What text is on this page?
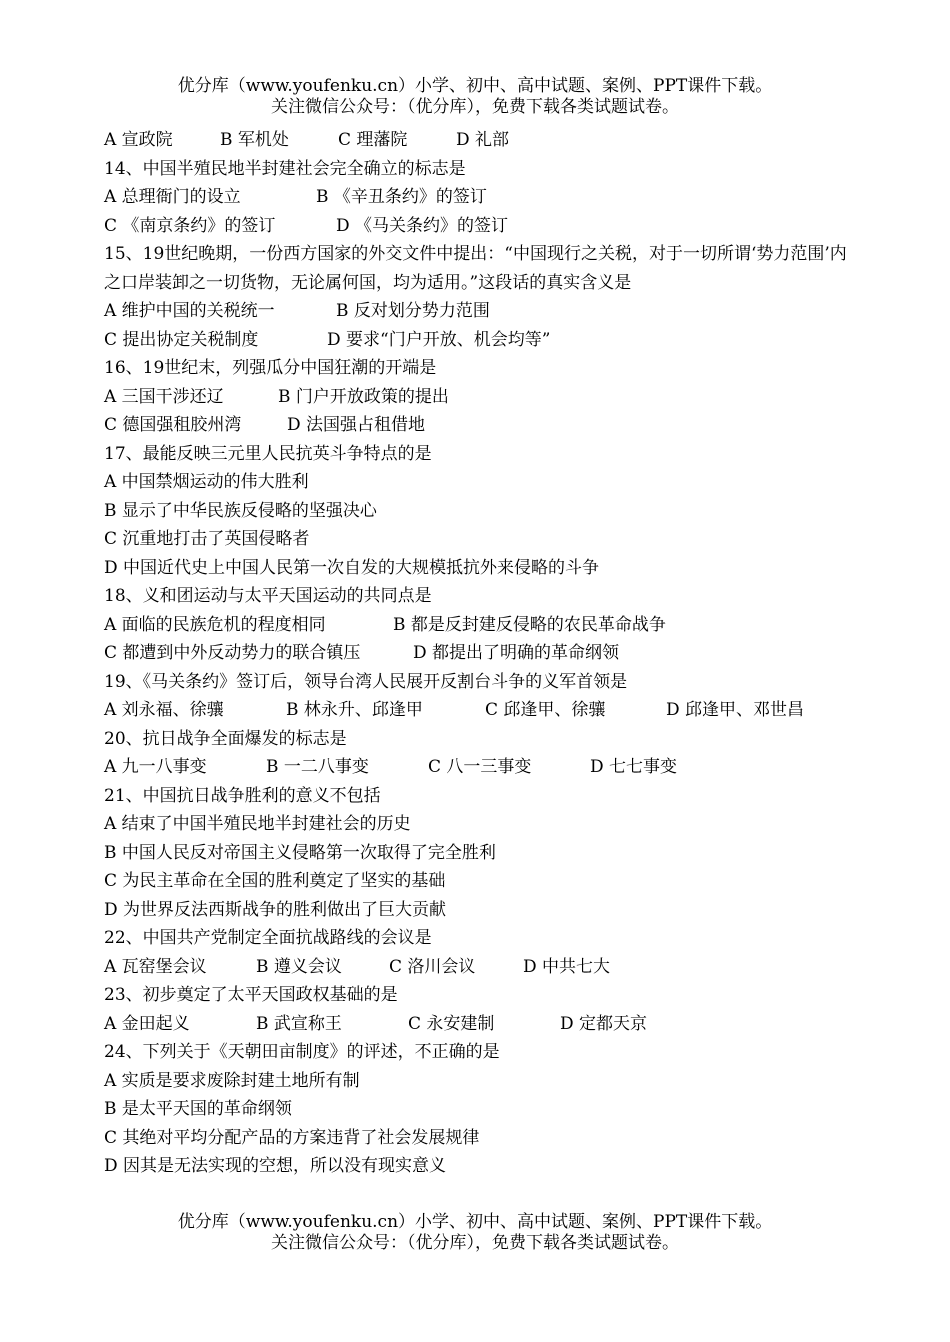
优分库（www.youfenku.cn）小学、初中、高中试题、案例、PPT课件下载。
关注微信公众号：（优分库），免费下载各类试题试卷。
A 宣政院	B 军机处	C 理藩院	D 礼部
14、中国半殖民地半封建社会完全确立的标志是
A 总理衙门的设立	B 《辛丑条约》的签订
C 《南京条约》的签订	D 《马关条约》的签订
15、19世纪晚期，一份西方国家的外交文件中提出：“中国现行之关税，对于一切所谓‘势力范围’内之口岸装卸之一切货物，无论属何国，均为适用。”这段话的真实含义是
A 维护中国的关税统一	B 反对划分势力范围
C 提出协定关税制度	D 要求“门户开放、机会均等”
16、19世纪末，列强瓜分中国狂潮的开端是
A 三国干涉还辽	B 门户开放政策的提出
C 德国强租胶州湾	D 法国强占租借地
17、最能反映三元里人民抗英斗争特点的是
A 中国禁烟运动的伟大胜利
B 显示了中华民族反侵略的坚强决心
C 沉重地打击了英国侵略者
D 中国近代史上中国人民第一次自发的大规模抵抗外来侵略的斗争
18、义和团运动与太平天国运动的共同点是
A 面临的民族危机的程度相同	B 都是反封建反侵略的农民革命战争
C 都遭到中外反动势力的联合镇压	D 都提出了明确的革命纲领
19、《马关条约》签订后，领导台湾人民展开反割台斗争的义军首领是
A 刘永福、徐骧	B 林永升、邱逢甲	C 邱逢甲、徐骧	D 邱逢甲、邓世昌
20、抗日战争全面爆发的标志是
A 九一八事变	B 一二八事变	C 八一三事变	D 七七事变
21、中国抗日战争胜利的意义不包括
A 结束了中国半殖民地半封建社会的历史
B 中国人民反对帝国主义侵略第一次取得了完全胜利
C 为民主革命在全国的胜利奠定了坚实的基础
D 为世界反法西斯战争的胜利做出了巨大贡献
22、中国共产党制定全面抗战路线的会议是
A 瓦窑堡会议	B 遵义会议	C 洛川会议	D 中共七大
23、初步奠定了太平天国政权基础的是
A 金田起义	B 武宣称王	C 永安建制	D 定都天京
24、下列关于《天朝田亩制度》的评述，不正确的是
A 实质是要求废除封建土地所有制
B 是太平天国的革命纲领
C 其绝对平均分配产品的方案违背了社会发展规律
D 因其是无法实现的空想，所以没有现实意义
优分库（www.youfenku.cn）小学、初中、高中试题、案例、PPT课件下载。
关注微信公众号：（优分库），免费下载各类试题试卷。
